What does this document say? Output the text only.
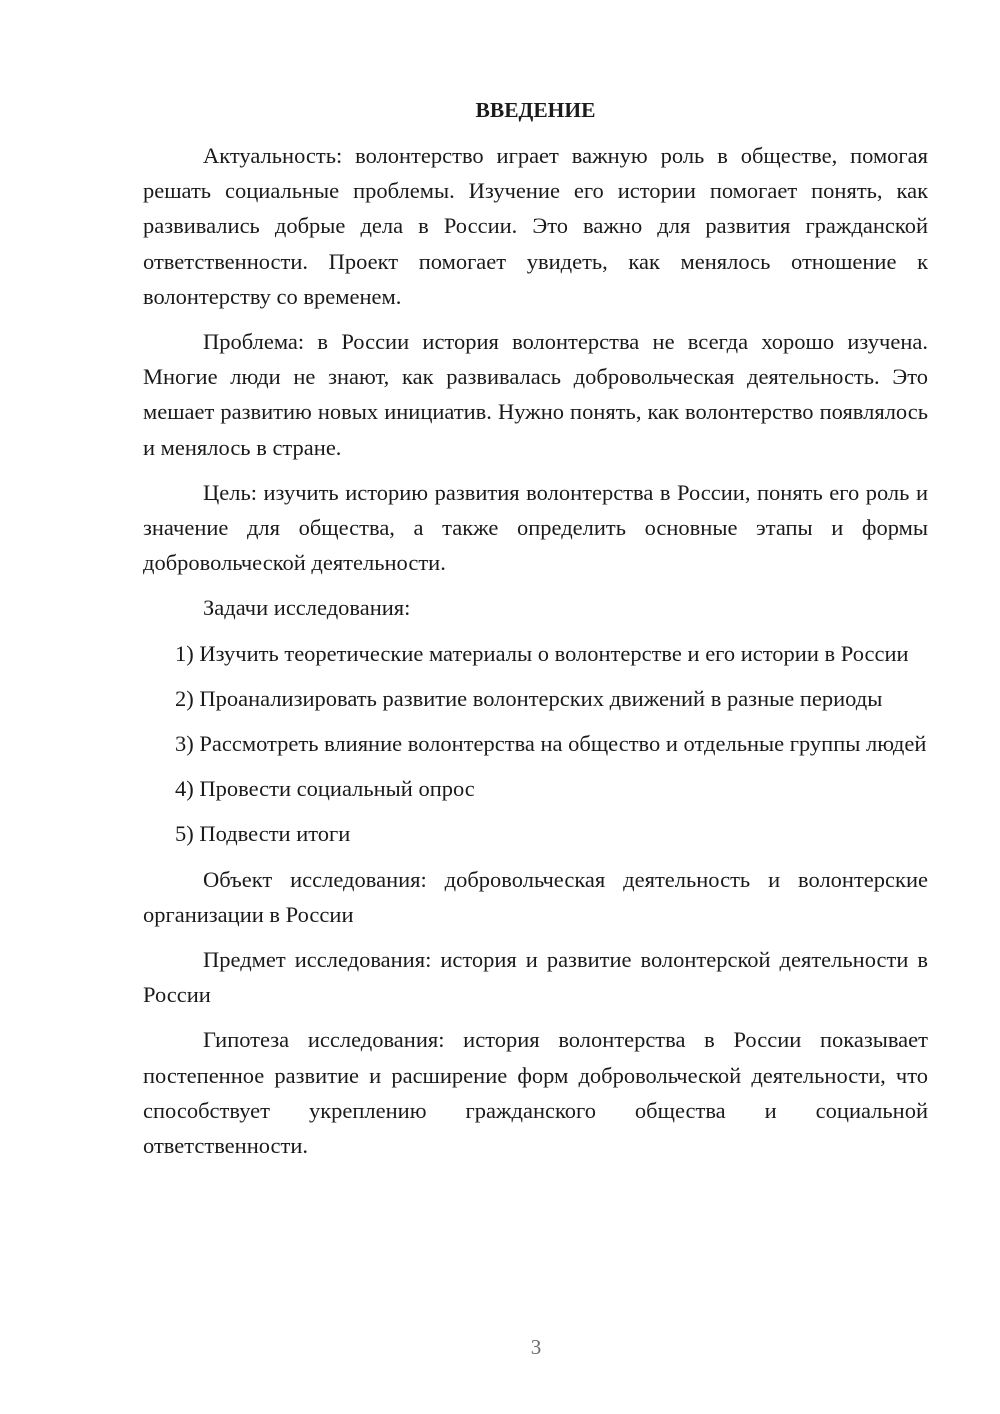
ВВЕДЕНИЕ

Актуальность: волонтерство играет важную роль в обществе, помогая решать социальные проблемы. Изучение его истории помогает понять, как развивались добрые дела в России. Это важно для развития гражданской ответственности. Проект помогает увидеть, как менялось отношение к волонтерству со временем.

Проблема: в России история волонтерства не всегда хорошо изучена. Многие люди не знают, как развивалась добровольческая деятельность. Это мешает развитию новых инициатив. Нужно понять, как волонтерство появлялось и менялось в стране.

Цель: изучить историю развития волонтерства в России, понять его роль и значение для общества, а также определить основные этапы и формы добровольческой деятельности.

Задачи исследования:

1) Изучить теоретические материалы о волонтерстве и его истории в России

2) Проанализировать развитие волонтерских движений в разные периоды

3) Рассмотреть влияние волонтерства на общество и отдельные группы людей

4) Провести социальный опрос

5) Подвести итоги

Объект исследования: добровольческая деятельность и волонтерские организации в России

Предмет исследования: история и развитие волонтерской деятельности в России

Гипотеза исследования: история волонтерства в России показывает постепенное развитие и расширение форм добровольческой деятельности, что способствует укреплению гражданского общества и социальной ответственности.

3
